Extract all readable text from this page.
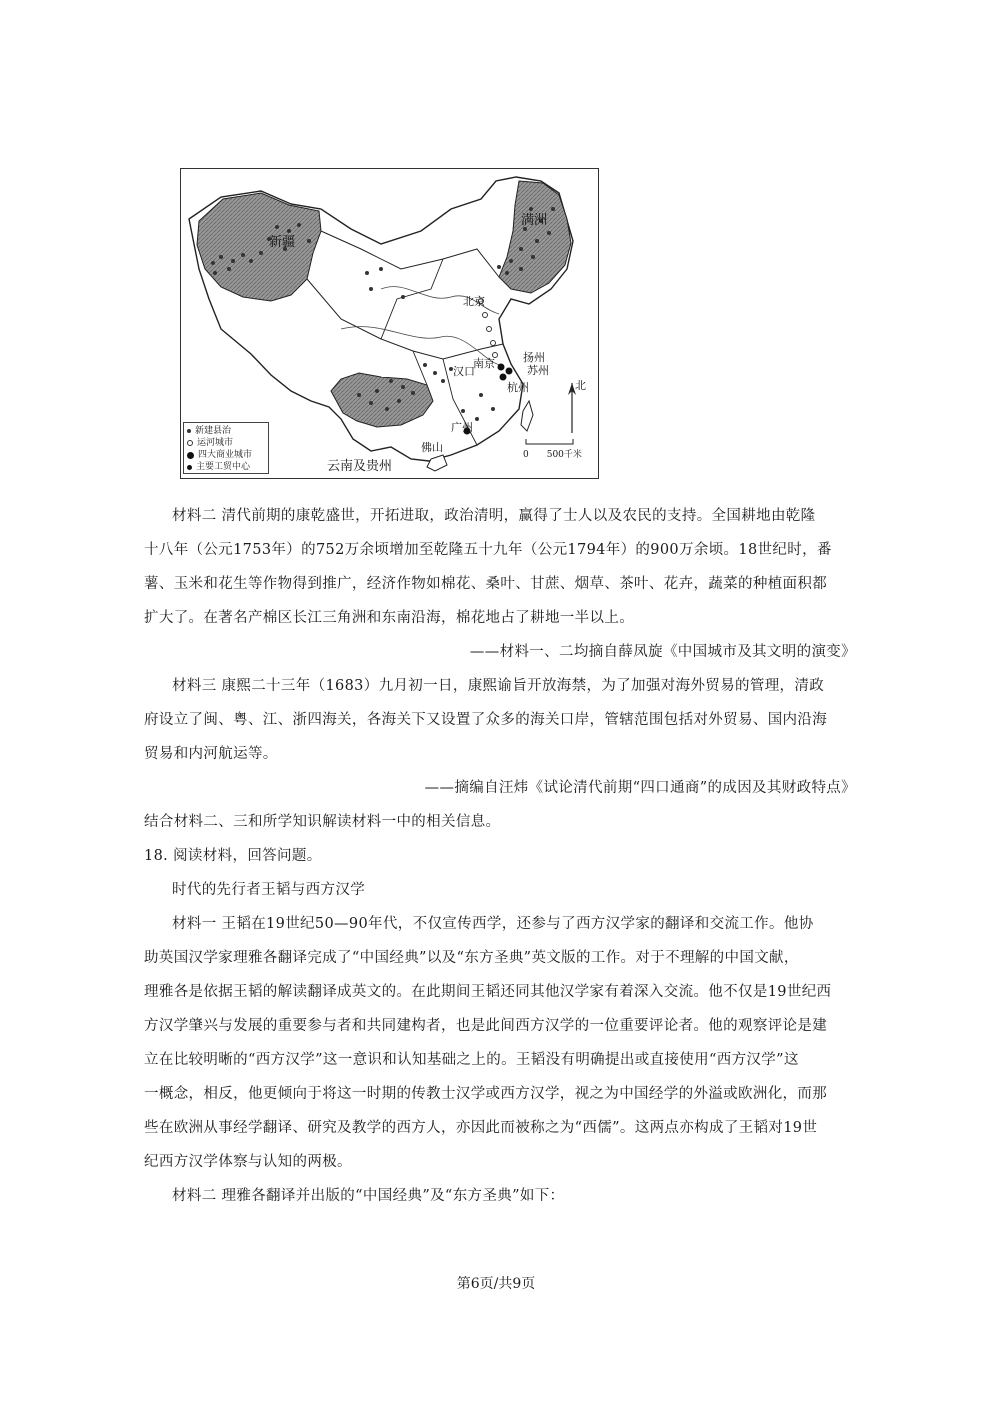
新建县治
运河城市
四大商业城市
主要工贸中心
新疆
满洲
北京
南京
汉口
扬州
苏州
杭州
广州
佛山
云南及贵州
北
0 500千米
材料二 清代前期的康乾盛世，开拓进取，政治清明，赢得了士人以及农民的支持。全国耕地由乾隆
十八年（公元1753年）的752万余顷增加至乾隆五十九年（公元1794年）的900万余顷。18世纪时，番
薯、玉米和花生等作物得到推广，经济作物如棉花、桑叶、甘蔗、烟草、茶叶、花卉，蔬菜的种植面积都
扩大了。在著名产棉区长江三角洲和东南沿海，棉花地占了耕地一半以上。
——材料一、二均摘自薛凤旋《中国城市及其文明的演变》
材料三 康熙二十三年（1683）九月初一日，康熙谕旨开放海禁，为了加强对海外贸易的管理，清政
府设立了闽、粤、江、浙四海关，各海关下又设置了众多的海关口岸，管辖范围包括对外贸易、国内沿海
贸易和内河航运等。
——摘编自汪炜《试论清代前期“四口通商”的成因及其财政特点》
结合材料二、三和所学知识解读材料一中的相关信息。
18. 阅读材料，回答问题。
时代的先行者王韬与西方汉学
材料一 王韬在19世纪50—90年代，不仅宣传西学，还参与了西方汉学家的翻译和交流工作。他协
助英国汉学家理雅各翻译完成了“中国经典”以及“东方圣典”英文版的工作。对于不理解的中国文献，
理雅各是依据王韬的解读翻译成英文的。在此期间王韬还同其他汉学家有着深入交流。他不仅是19世纪西
方汉学肇兴与发展的重要参与者和共同建构者，也是此间西方汉学的一位重要评论者。他的观察评论是建
立在比较明晰的“西方汉学”这一意识和认知基础之上的。王韬没有明确提出或直接使用“西方汉学”这
一概念，相反，他更倾向于将这一时期的传教士汉学或西方汉学，视之为中国经学的外溢或欧洲化，而那
些在欧洲从事经学翻译、研究及教学的西方人，亦因此而被称之为“西儒”。这两点亦构成了王韬对19世
纪西方汉学体察与认知的两极。
材料二 理雅各翻译并出版的“中国经典”及“东方圣典”如下：
第6页/共9页
